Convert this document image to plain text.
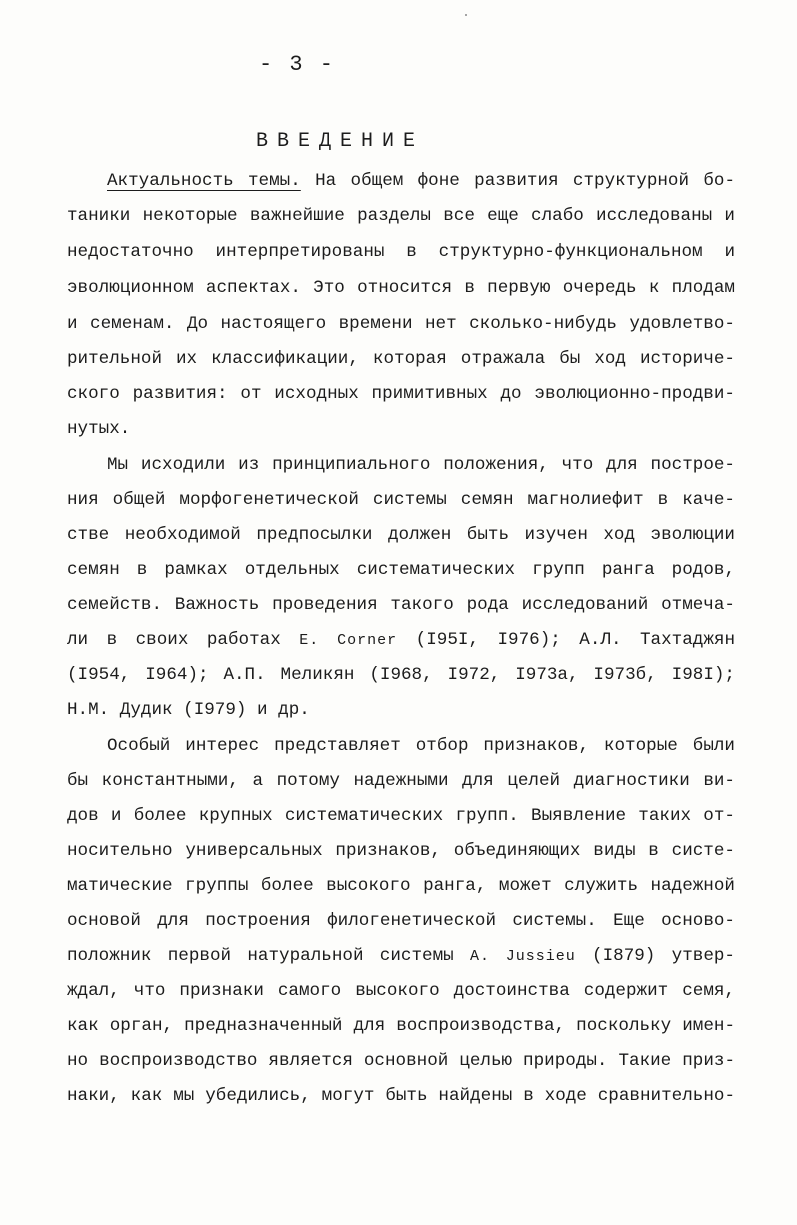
- 3 -
ВВЕДЕНИЕ
Актуальность темы. На общем фоне развития структурной бо-
таники некоторые важнейшие разделы все еще слабо исследованы и
недостаточно интерпретированы в структурно-функциональном и
эволюционном аспектах. Это относится в первую очередь к плодам
и семенам. До настоящего времени нет сколько-нибудь удовлетво-
рительной их классификации, которая отражала бы ход историче-
ского развития: от исходных примитивных до эволюционно-продви-
нутых.
Мы исходили из принципиального положения, что для построе-
ния общей морфогенетической системы семян магнолиефит в каче-
стве необходимой предпосылки должен быть изучен ход эволюции
семян в рамках отдельных систематических групп ранга родов,
семейств. Важность проведения такого рода исследований отмеча-
ли в своих работах E. Corner (I95I, I976); А.Л. Тахтаджян
(I954, I964); А.П. Меликян (I968, I972, I973а, I973б, I98I);
Н.М. Дудик (I979) и др.
Особый интерес представляет отбор признаков, которые были
бы константными, а потому надежными для целей диагностики ви-
дов и более крупных систематических групп. Выявление таких от-
носительно универсальных признаков, объединяющих виды в систе-
матические группы более высокого ранга, может служить надежной
основой для построения филогенетической системы. Еще осново-
положник первой натуральной системы A. Jussieu (I879) утвер-
ждал, что признаки самого высокого достоинства содержит семя,
как орган, предназначенный для воспроизводства, поскольку имен-
но воспроизводство является основной целью природы. Такие приз-
наки, как мы убедились, могут быть найдены в ходе сравнительно-
